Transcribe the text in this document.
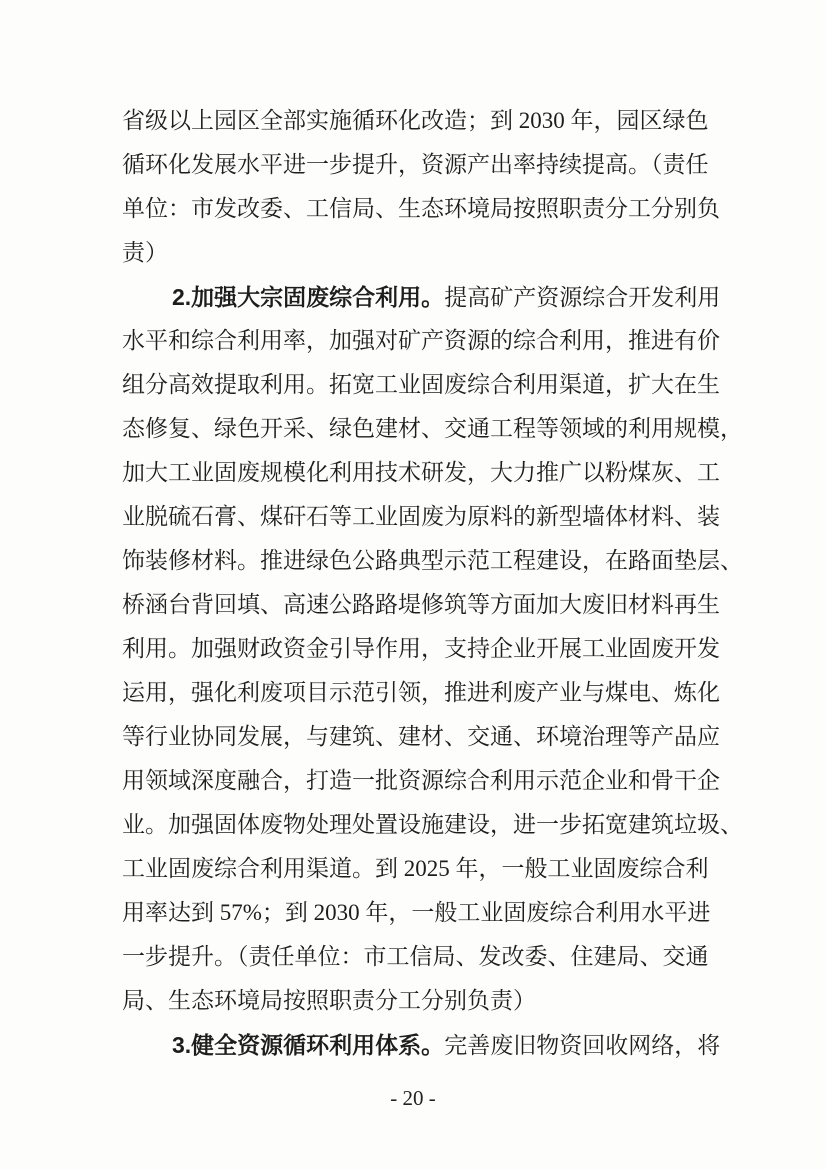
省级以上园区全部实施循环化改造；到 2030 年，园区绿色
循环化发展水平进一步提升，资源产出率持续提高。（责任
单位：市发改委、工信局、生态环境局按照职责分工分别负
责）
2.加强大宗固废综合利用。提高矿产资源综合开发利用
水平和综合利用率，加强对矿产资源的综合利用，推进有价
组分高效提取利用。拓宽工业固废综合利用渠道，扩大在生
态修复、绿色开采、绿色建材、交通工程等领域的利用规模，
加大工业固废规模化利用技术研发，大力推广以粉煤灰、工
业脱硫石膏、煤矸石等工业固废为原料的新型墙体材料、装
饰装修材料。推进绿色公路典型示范工程建设，在路面垫层、
桥涵台背回填、高速公路路堤修筑等方面加大废旧材料再生
利用。加强财政资金引导作用，支持企业开展工业固废开发
运用，强化利废项目示范引领，推进利废产业与煤电、炼化
等行业协同发展，与建筑、建材、交通、环境治理等产品应
用领域深度融合，打造一批资源综合利用示范企业和骨干企
业。加强固体废物处理处置设施建设，进一步拓宽建筑垃圾、
工业固废综合利用渠道。到 2025 年，一般工业固废综合利
用率达到 57%；到 2030 年，一般工业固废综合利用水平进
一步提升。（责任单位：市工信局、发改委、住建局、交通
局、生态环境局按照职责分工分别负责）
3.健全资源循环利用体系。完善废旧物资回收网络，将
- 20 -
